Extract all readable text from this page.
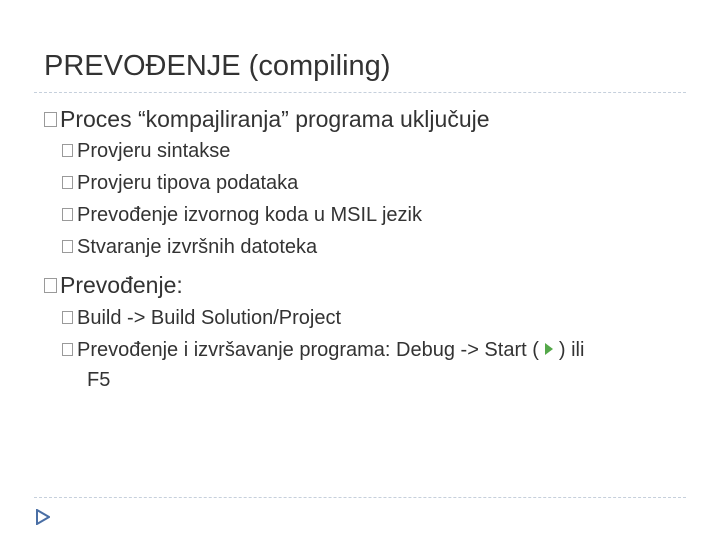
PREVOĐENJE (compiling)
Proces “kompajliranja” programa uključuje
Provjeru sintakse
Provjeru tipova podataka
Prevođenje izvornog koda u MSIL jezik
Stvaranje izvršnih datoteka
Prevođenje:
Build -> Build Solution/Project
Prevođenje i izvršavanje programa: Debug -> Start ( ) ili
F5
